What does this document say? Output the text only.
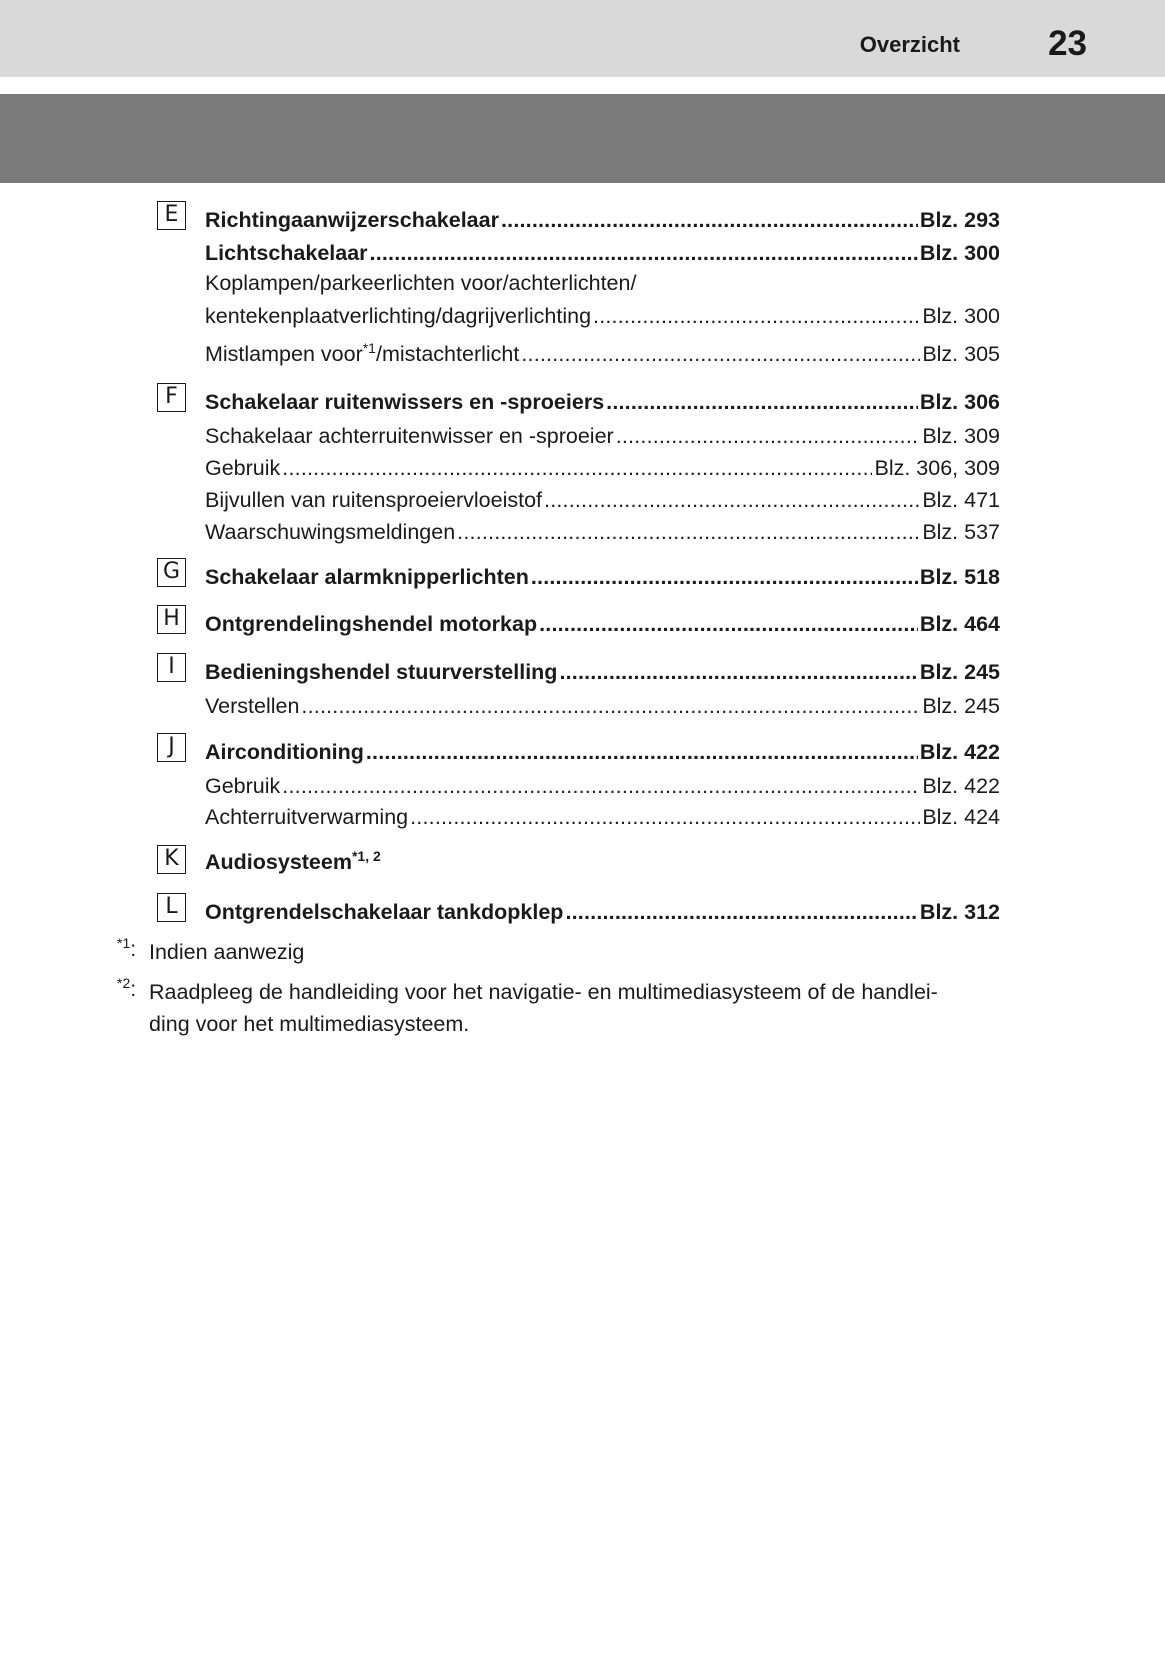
Overzicht	23
E	Richtingaanwijzerschakelaar .....	Blz. 293
Lichtschakelaar .....	Blz. 300
Koplampen/parkeerlichten voor/achterlichten/
kentekenplaatverlichting/dagrijverlichting .....	Blz. 300
Mistlampen voor$^{*1}$/mistachterlicht .....	Blz. 305
F	Schakelaar ruitenwissers en -sproeiers .....	Blz. 306
Schakelaar achterruitenwisser en -sproeier .....	Blz. 309
Gebruik .....	Blz. 306, 309
Bijvullen van ruitensproeiervloeistof .....	Blz. 471
Waarschuwingsmeldingen .....	Blz. 537
G Schakelaar alarmknipperlichten .....	Blz. 518
H Ontgrendelingshendel motorkap .....	Blz. 464
I	Bedieningshendel stuurverstelling .....	Blz. 245
Verstellen .....	Blz. 245
J	Airconditioning .....	Blz. 422
Gebruik .....	Blz. 422
Achterruitverwarming .....	Blz. 424
K	Audiosysteem$^{*1, 2}$
L	Ontgrendelschakelaar tankdopklep .....	Blz. 312
$^{*1}$: Indien aanwezig
$^{*2}$: Raadpleeg de handleiding voor het navigatie- en multimediasysteem of de handlei-
ding voor het multimediasysteem.
